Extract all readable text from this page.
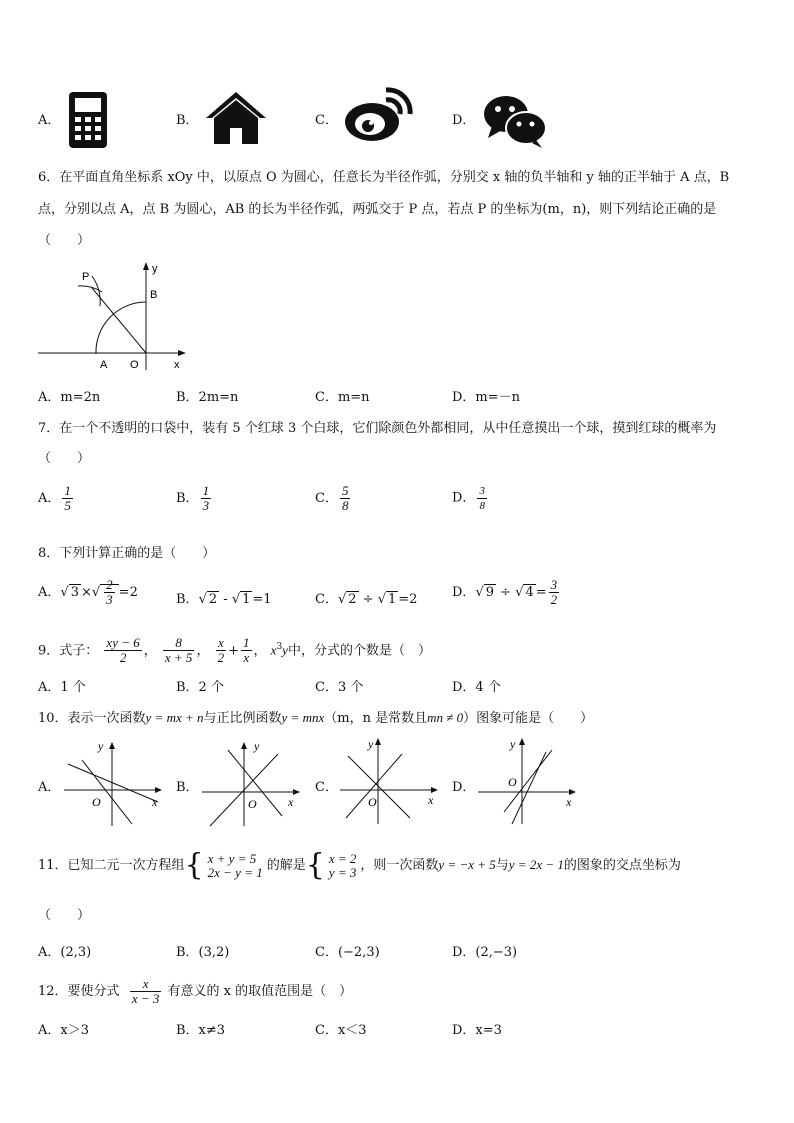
A．	B．	C．	D．
6．在平面直角坐标系 xOy 中，以原点 O 为圆心，任意长为半径作弧，分别交 x 轴的负半轴和 y 轴的正半轴于 A 点，B
点，分别以点 A，点 B 为圆心，AB 的长为半径作弧，两弧交于 P 点，若点 P 的坐标为(m，n)，则下列结论正确的是
（　　）
P
y
B
A O	x
A．m=2n	B．2m=n	C．m=n	D．m=－n
7．在一个不透明的口袋中，装有 5 个红球 3 个白球，它们除颜色外都相同，从中任意摸出一个球，摸到红球的概率为
（　　）
A． $\frac{1}{5}$	B． $\frac{1}{3}$	C． $\frac{5}{8}$	D． $\frac{3}{8}$
8．下列计算正确的是（　　）
A．√ 3 ×√ $\frac{2}{3} =2$	B．√ 2 - √ 1 =1	C．√ 2 ÷ √ 1 =2	D．√ 9 ÷ √ $4 = \frac{3}{2}$
9．式子： $\frac{xy - 6}{2}$ ， $\frac{8}{x + 5}$ ， $\frac{x}{2} + \frac{1}{x}$ ， $x^3y$中，分式的个数是（　）
A．1 个	B．2 个	C．3 个	D．4 个
10．表示一次函数y = mx + n与正比例函数y = mnx（m，n 是常数且mn ≠ 0）图象可能是（　　）
A．
y
O	x
B．
y
O	x
C．
y
O	x
D．
y
O
x
11．已知二元一次方程组{ x + y = 5
2x − y = 1 的解是{ x = 2
y = 3 ，则一次函数y = −x + 5与y = 2x − 1的图象的交点坐标为
（　　）
A．(2,3)	B．(3,2)	C．(−2,3)	D．(2,−3)
12．要使分式 $\frac{x}{x - 3}$ 有意义的 x 的取值范围是（　）
A．x＞3	B．x≠3	C．x＜3	D．x=3
